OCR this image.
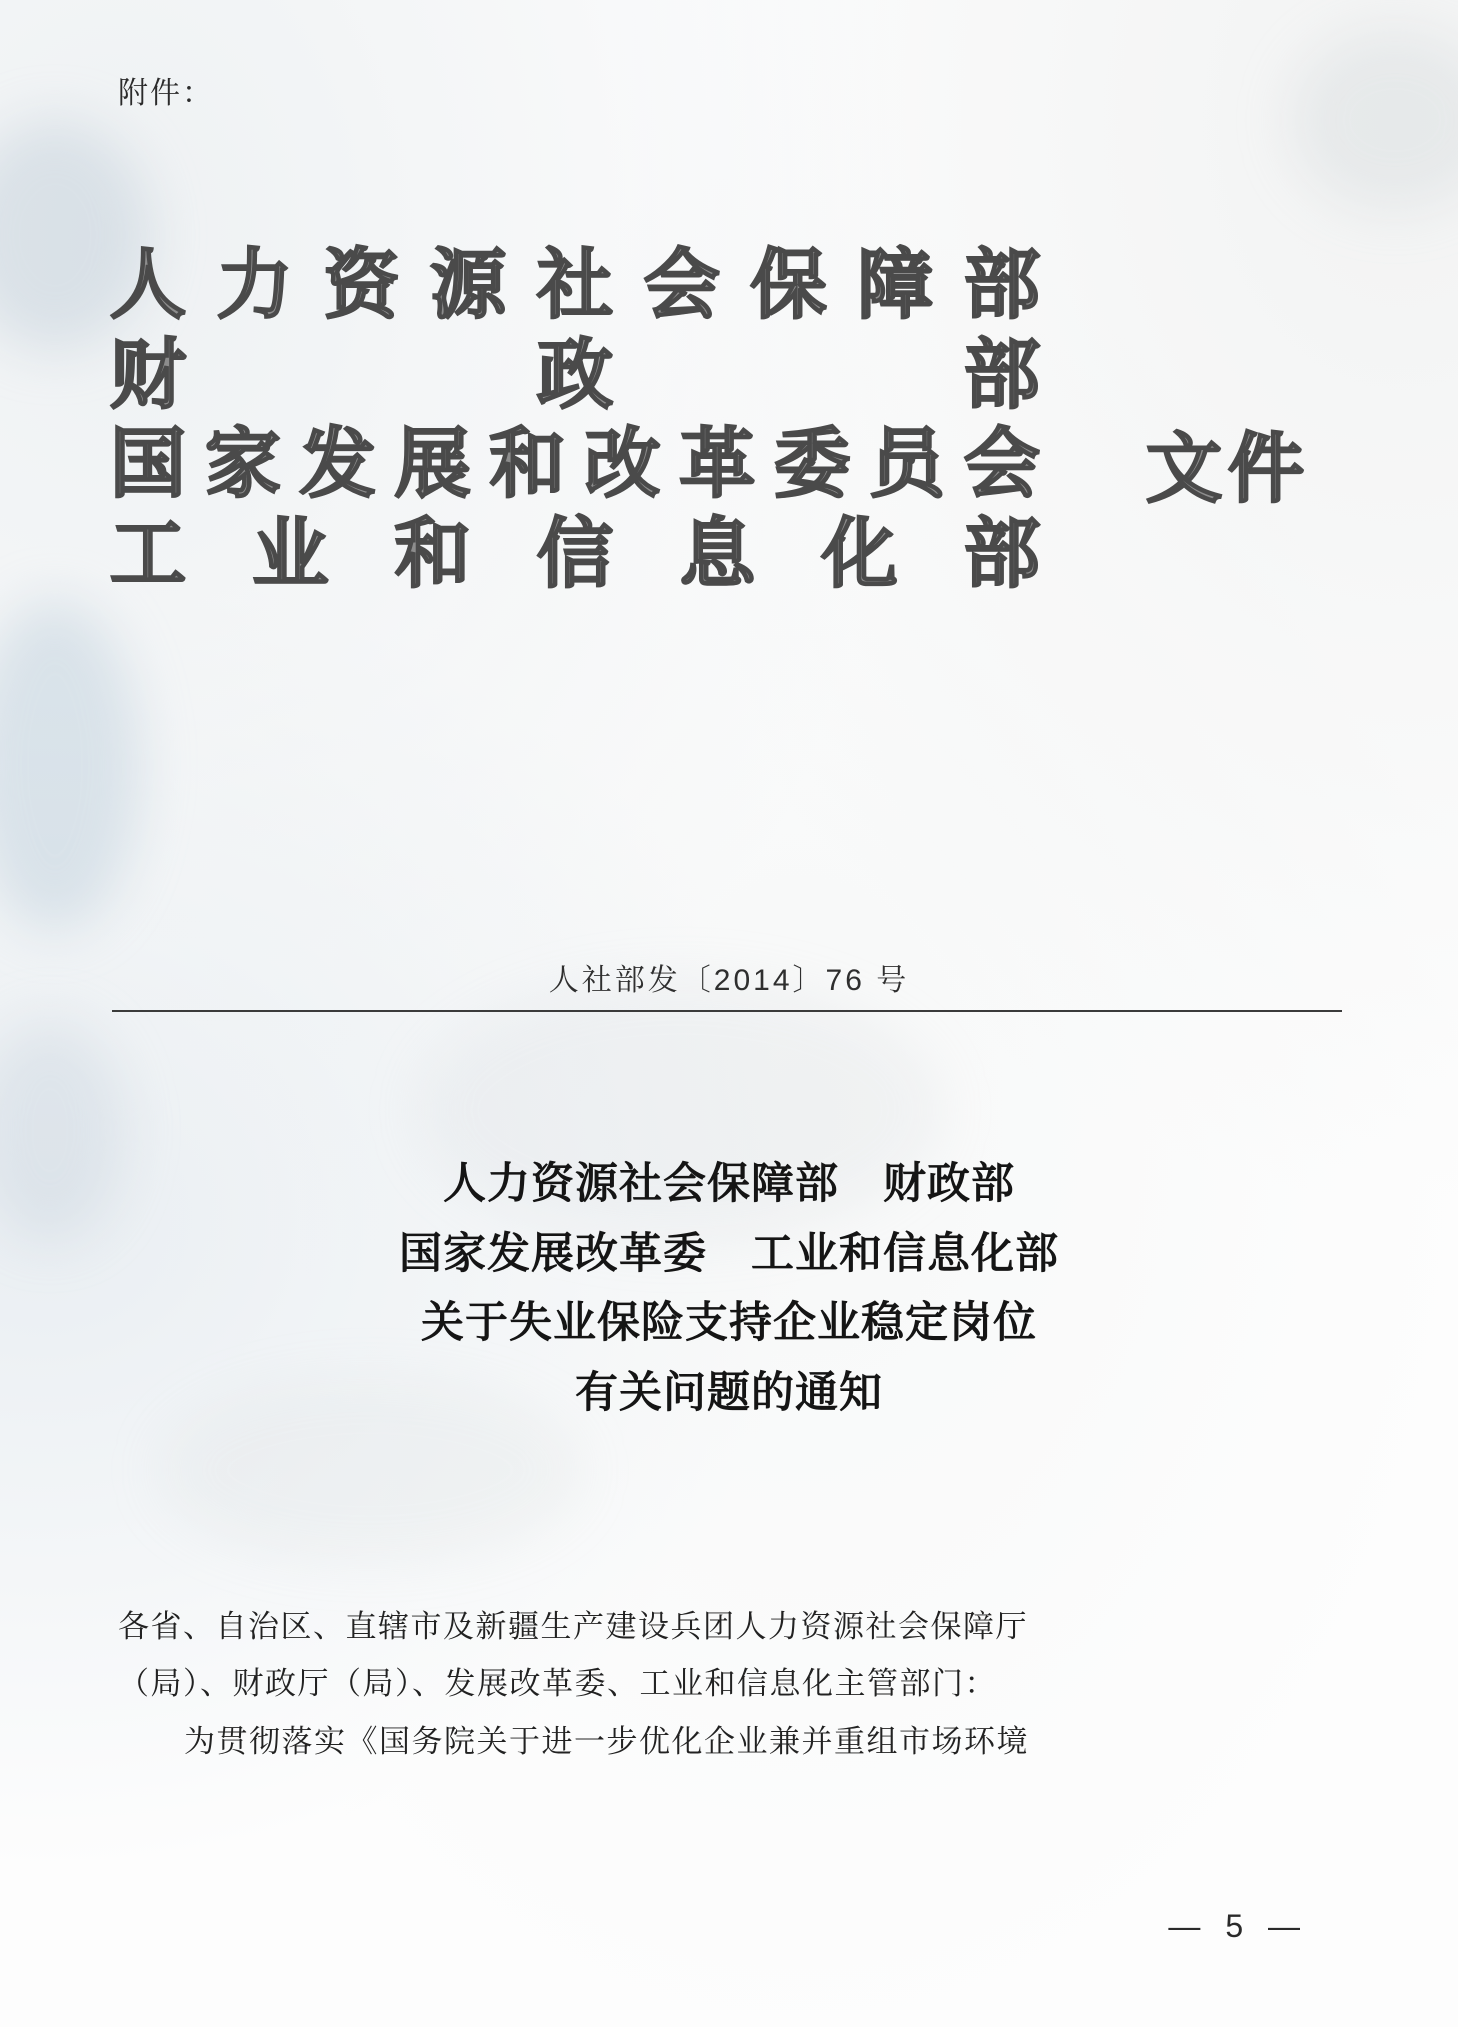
附件：
人 力 资 源 社 会 保 障 部
财	政	部
国 家 发 展 和 改 革 委 员 会
工 业 和 信 息 化 部
文件
人社部发〔2014〕76 号
人力资源社会保障部　财政部
国家发展改革委　工业和信息化部
关于失业保险支持企业稳定岗位
有关问题的通知
各省、自治区、直辖市及新疆生产建设兵团人力资源社会保障厅
（局）、财政厅（局）、发展改革委、工业和信息化主管部门：
为贯彻落实《国务院关于进一步优化企业兼并重组市场环境
— 5 —
